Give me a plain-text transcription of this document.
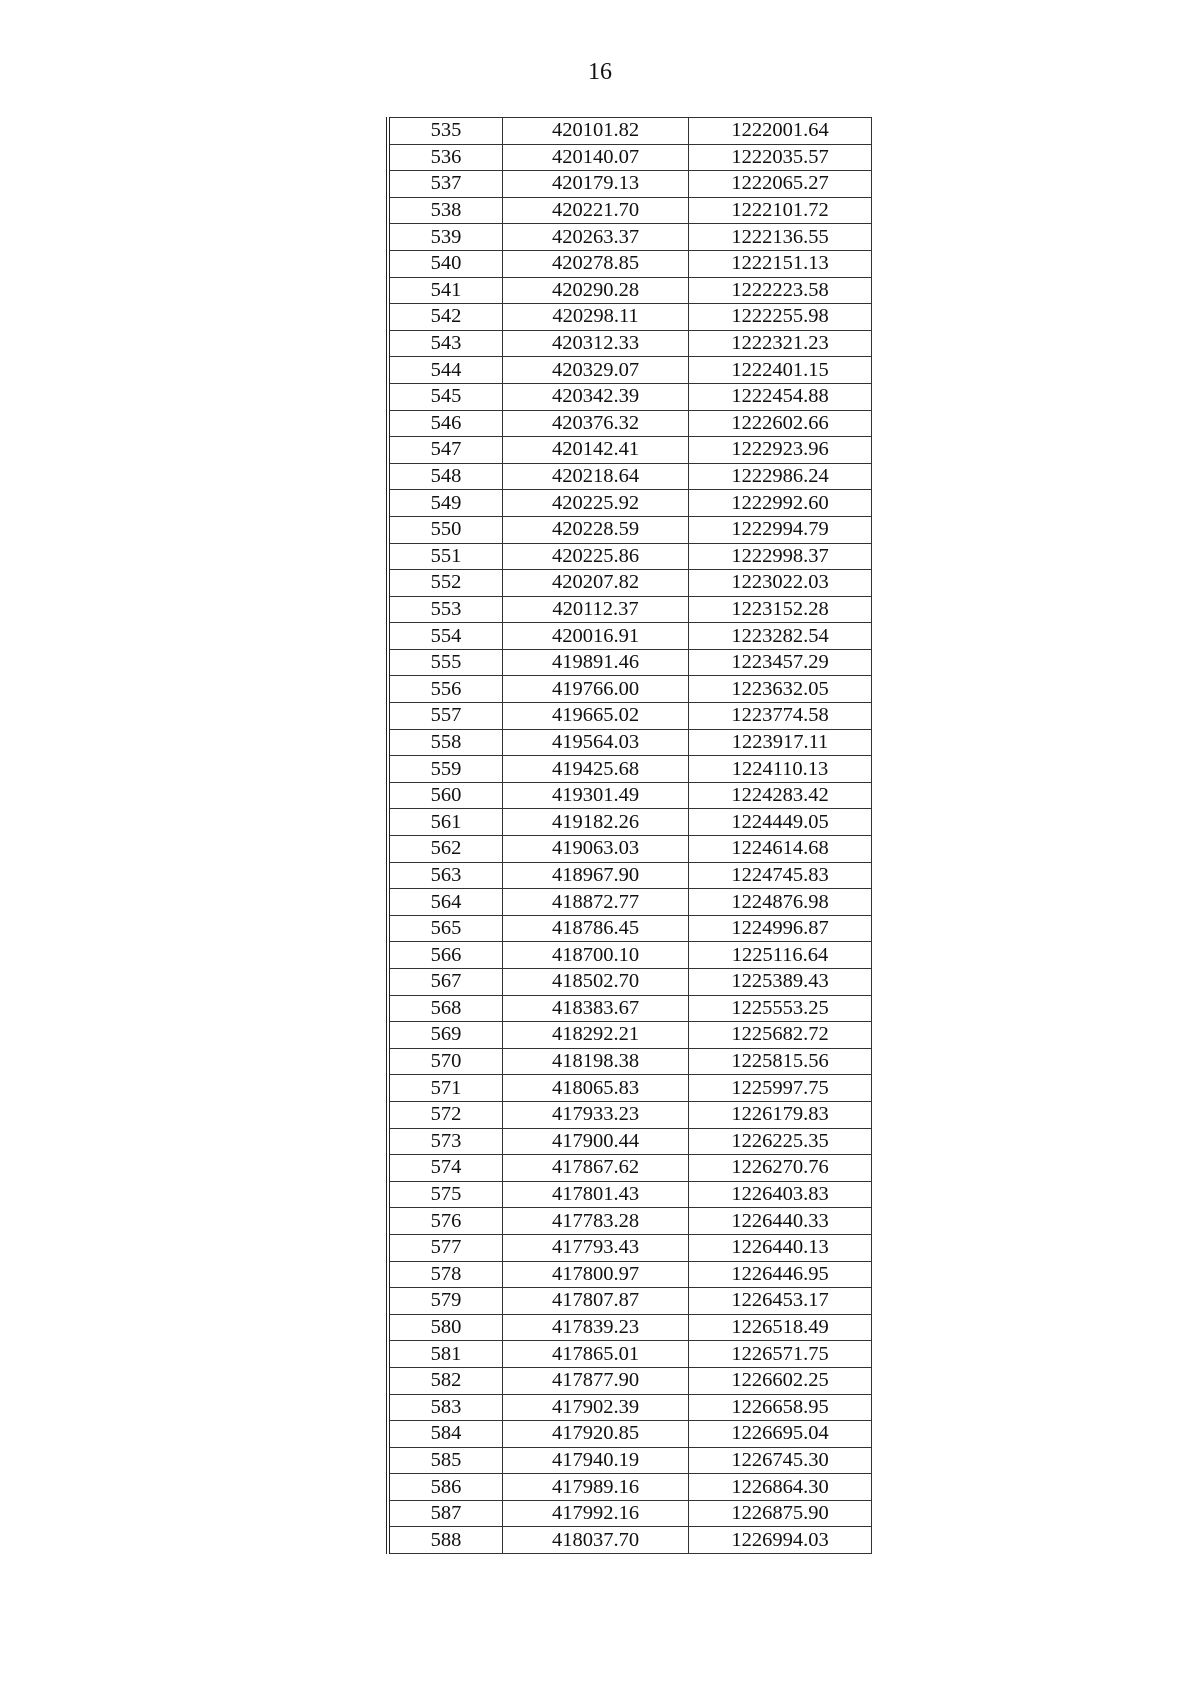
16
535	420101.82	1222001.64
536	420140.07	1222035.57
537	420179.13	1222065.27
538	420221.70	1222101.72
539	420263.37	1222136.55
540	420278.85	1222151.13
541	420290.28	1222223.58
542	420298.11	1222255.98
543	420312.33	1222321.23
544	420329.07	1222401.15
545	420342.39	1222454.88
546	420376.32	1222602.66
547	420142.41	1222923.96
548	420218.64	1222986.24
549	420225.92	1222992.60
550	420228.59	1222994.79
551	420225.86	1222998.37
552	420207.82	1223022.03
553	420112.37	1223152.28
554	420016.91	1223282.54
555	419891.46	1223457.29
556	419766.00	1223632.05
557	419665.02	1223774.58
558	419564.03	1223917.11
559	419425.68	1224110.13
560	419301.49	1224283.42
561	419182.26	1224449.05
562	419063.03	1224614.68
563	418967.90	1224745.83
564	418872.77	1224876.98
565	418786.45	1224996.87
566	418700.10	1225116.64
567	418502.70	1225389.43
568	418383.67	1225553.25
569	418292.21	1225682.72
570	418198.38	1225815.56
571	418065.83	1225997.75
572	417933.23	1226179.83
573	417900.44	1226225.35
574	417867.62	1226270.76
575	417801.43	1226403.83
576	417783.28	1226440.33
577	417793.43	1226440.13
578	417800.97	1226446.95
579	417807.87	1226453.17
580	417839.23	1226518.49
581	417865.01	1226571.75
582	417877.90	1226602.25
583	417902.39	1226658.95
584	417920.85	1226695.04
585	417940.19	1226745.30
586	417989.16	1226864.30
587	417992.16	1226875.90
588	418037.70	1226994.03
